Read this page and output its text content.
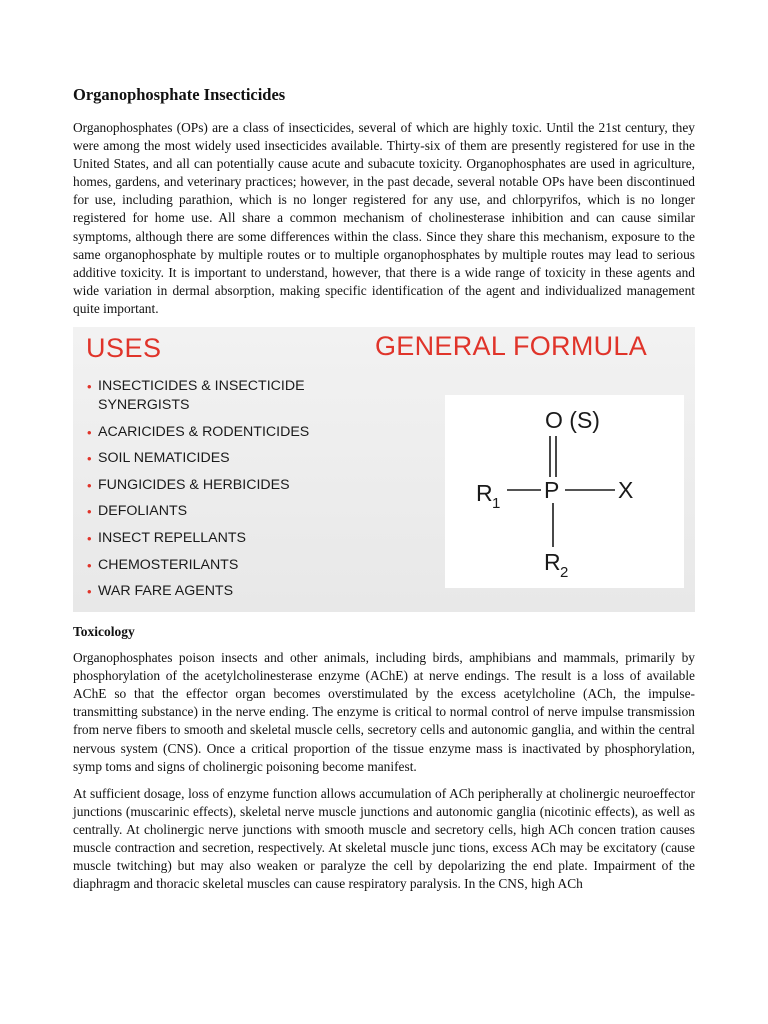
Organophosphate Insecticides

Organophosphates (OPs) are a class of insecticides, several of which are highly toxic. Until the 21st century, they were among the most widely used insecticides available. Thirty-six of them are presently registered for use in the United States, and all can potentially cause acute and subacute toxicity. Organophosphates are used in agriculture, homes, gardens, and veterinary practices; however, in the past decade, several notable OPs have been discontinued for use, including parathion, which is no longer registered for any use, and chlorpyrifos, which is no longer registered for home use. All share a common mechanism of cholinesterase inhibition and can cause similar symptoms, although there are some differences within the class. Since they share this mechanism, exposure to the same organophosphate by multiple routes or to multiple organophosphates by multiple routes may lead to serious additive toxicity. It is important to understand, however, that there is a wide range of toxicity in these agents and wide variation in dermal absorption, making specific identification of the agent and individualized management quite important.

USES	GENERAL FORMULA
• INSECTICIDES & INSECTICIDE SYNERGISTS
• ACARICIDES & RODENTICIDES
• SOIL NEMATICIDES
• FUNGICIDES & HERBICIDES
• DEFOLIANTS
• INSECT REPELLANTS
• CHEMOSTERILANTS
• WAR FARE AGENTS
O (S)
P
R 1
X
R 2
Toxicology

Organophosphates poison insects and other animals, including birds, amphibians and mammals, primarily by phosphorylation of the acetylcholinesterase enzyme (AChE) at nerve endings. The result is a loss of available AChE so that the effector organ becomes overstimulated by the excess acetylcholine (ACh, the impulse-transmitting substance) in the nerve ending. The enzyme is critical to normal control of nerve impulse transmission from nerve fibers to smooth and skeletal muscle cells, secretory cells and autonomic ganglia, and within the central nervous system (CNS). Once a critical proportion of the tissue enzyme mass is inactivated by phosphorylation, symp toms and signs of cholinergic poisoning become manifest.

At sufficient dosage, loss of enzyme function allows accumulation of ACh peripherally at cholinergic neuroeffector junctions (muscarinic effects), skeletal nerve muscle junctions and autonomic ganglia (nicotinic effects), as well as centrally. At cholinergic nerve junctions with smooth muscle and secretory cells, high ACh concen tration causes muscle contraction and secretion, respectively. At skeletal muscle junc tions, excess ACh may be excitatory (cause muscle twitching) but may also weaken or paralyze the cell by depolarizing the end plate. Impairment of the diaphragm and thoracic skeletal muscles can cause respiratory paralysis. In the CNS, high ACh
